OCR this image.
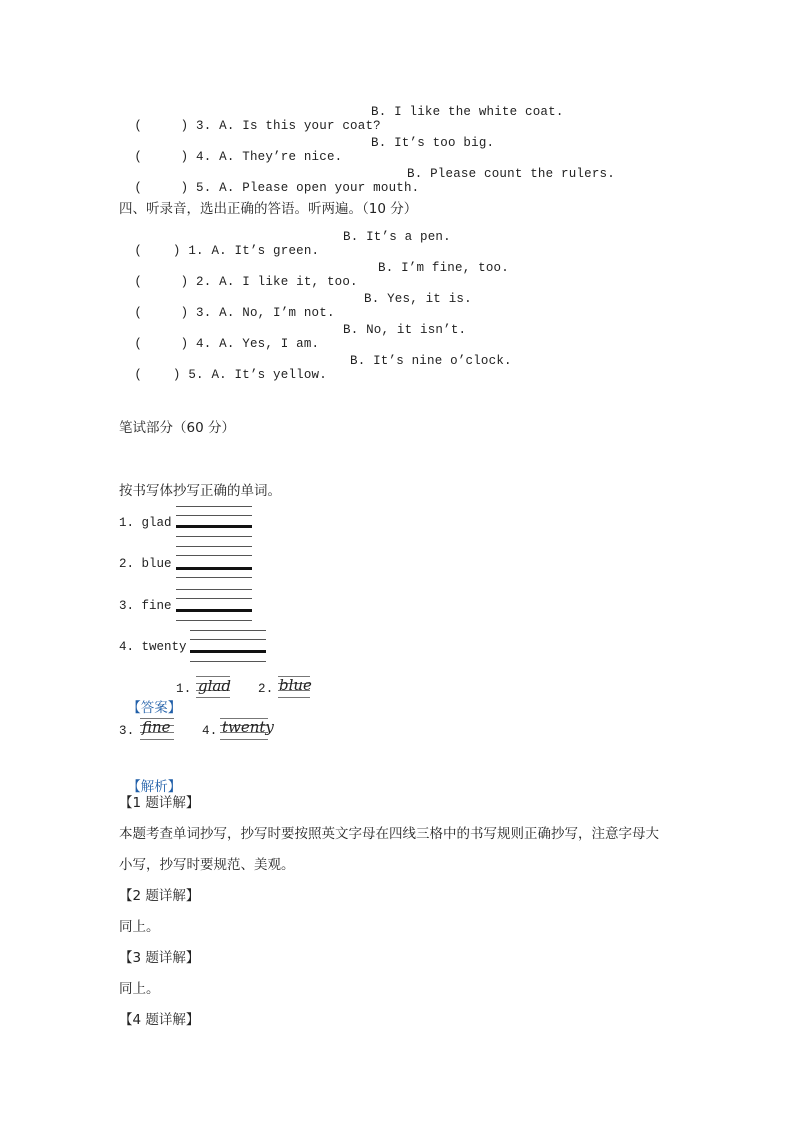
(     ) 3. A. Is this your coat?

B. I like the white coat.

(     ) 4. A. They’re nice.

B. It’s too big.

(     ) 5. A. Please open your mouth.

B. Please count the rulers.
四、听录音，选出正确的答语。听两遍。（10 分）

(    ) 1. A. It’s green.

B. It’s a pen.

(     ) 2. A. I like it, too.

B. I’m fine, too.

(     ) 3. A. No, I’m not.

B. Yes, it is.

(     ) 4. A. Yes, I am.

B. No, it isn’t.

(    ) 5. A. It’s yellow.

B. It’s nine o’clock.
笔试部分（60 分）
按书写体抄写正确的单词。
1. glad
2. blue
3. fine
4. twenty

【答案】

1. glad 2. blue
3. fine	4. twenty

【解析】

【1 题详解】
本题考查单词抄写，抄写时要按照英文字母在四线三格中的书写规则正确抄写，注意字母大
小写，抄写时要规范、美观。
【2 题详解】
同上。
【3 题详解】
同上。
【4 题详解】
